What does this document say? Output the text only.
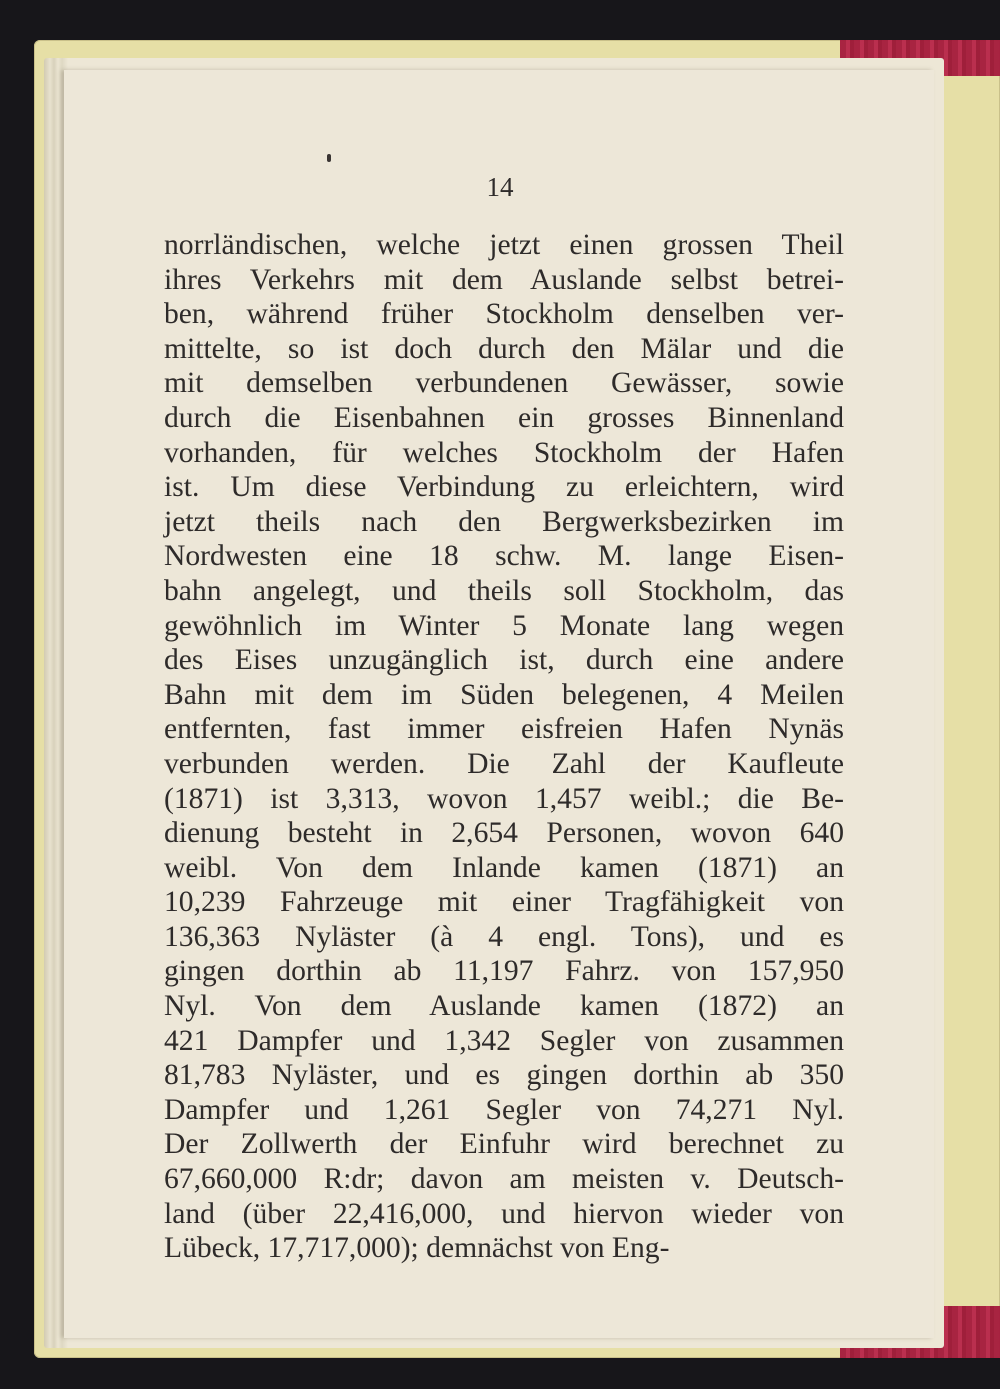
14
norrländischen, welche jetzt einen grossen Theil
ihres Verkehrs mit dem Auslande selbst betrei-
ben, während früher Stockholm denselben ver-
mittelte, so ist doch durch den Mälar und die
mit demselben verbundenen Gewässer, sowie
durch die Eisenbahnen ein grosses Binnenland
vorhanden, für welches Stockholm der Hafen
ist. Um diese Verbindung zu erleichtern, wird
jetzt theils nach den Bergwerksbezirken im
Nordwesten eine 18 schw. M. lange Eisen-
bahn angelegt, und theils soll Stockholm, das
gewöhnlich im Winter 5 Monate lang wegen
des Eises unzugänglich ist, durch eine andere
Bahn mit dem im Süden belegenen, 4 Meilen
entfernten, fast immer eisfreien Hafen Nynäs
verbunden werden. Die Zahl der Kaufleute
(1871) ist 3,313, wovon 1,457 weibl.; die Be-
dienung besteht in 2,654 Personen, wovon 640
weibl. Von dem Inlande kamen (1871) an
10,239 Fahrzeuge mit einer Tragfähigkeit von
136,363 Nyläster (à 4 engl. Tons), und es
gingen dorthin ab 11,197 Fahrz. von 157,950
Nyl. Von dem Auslande kamen (1872) an
421 Dampfer und 1,342 Segler von zusammen
81,783 Nyläster, und es gingen dorthin ab 350
Dampfer und 1,261 Segler von 74,271 Nyl.
Der Zollwerth der Einfuhr wird berechnet zu
67,660,000 R:dr; davon am meisten v. Deutsch-
land (über 22,416,000, und hiervon wieder von
Lübeck, 17,717,000); demnächst von Eng-
